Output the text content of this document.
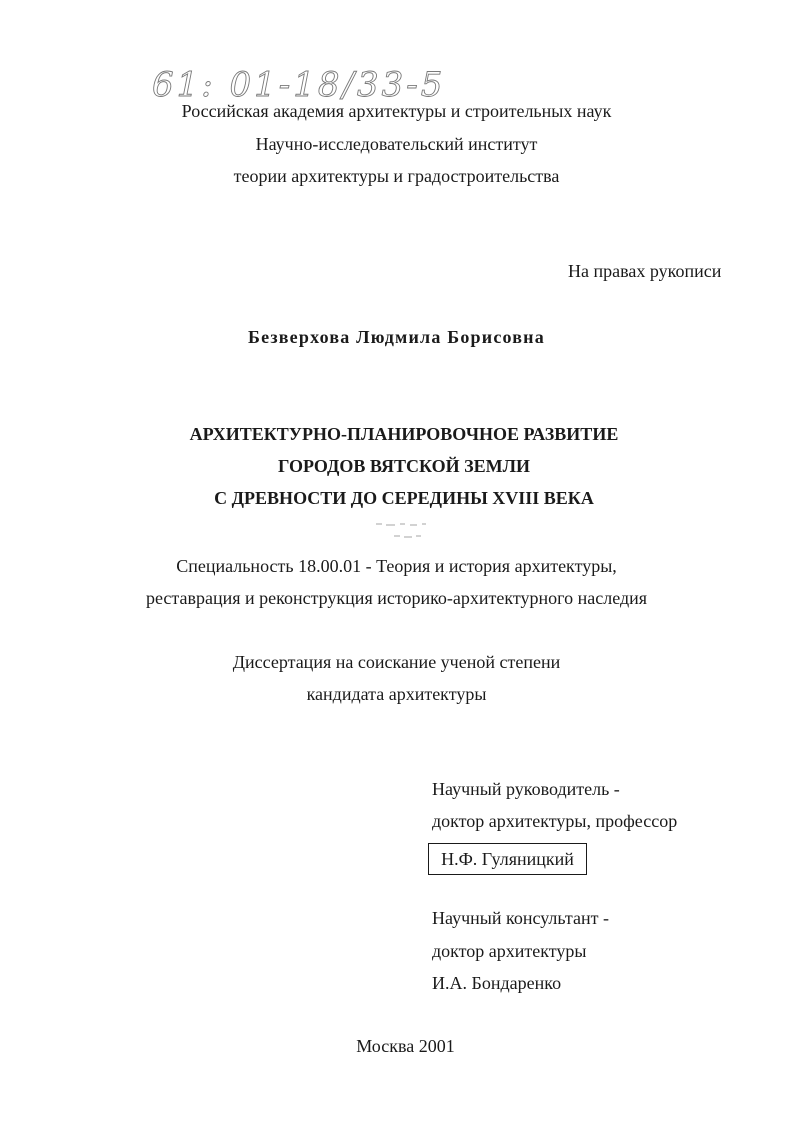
61: 01-18/33-5
Российская академия архитектуры и строительных наук
Научно-исследовательский институт
теории архитектуры и градостроительства
На правах рукописи
Безверхова Людмила Борисовна
АРХИТЕКТУРНО-ПЛАНИРОВОЧНОЕ РАЗВИТИЕ
ГОРОДОВ ВЯТСКОЙ ЗЕМЛИ
С ДРЕВНОСТИ ДО СЕРЕДИНЫ XVIII ВЕКА
Специальность 18.00.01 - Теория и история архитектуры,
реставрация и реконструкция историко-архитектурного наследия
Диссертация на соискание ученой степени
кандидата архитектуры
Научный руководитель -
доктор архитектуры, профессор
Н.Ф. Гуляницкий
Научный консультант -
доктор архитектуры
И.А. Бондаренко
Москва 2001
